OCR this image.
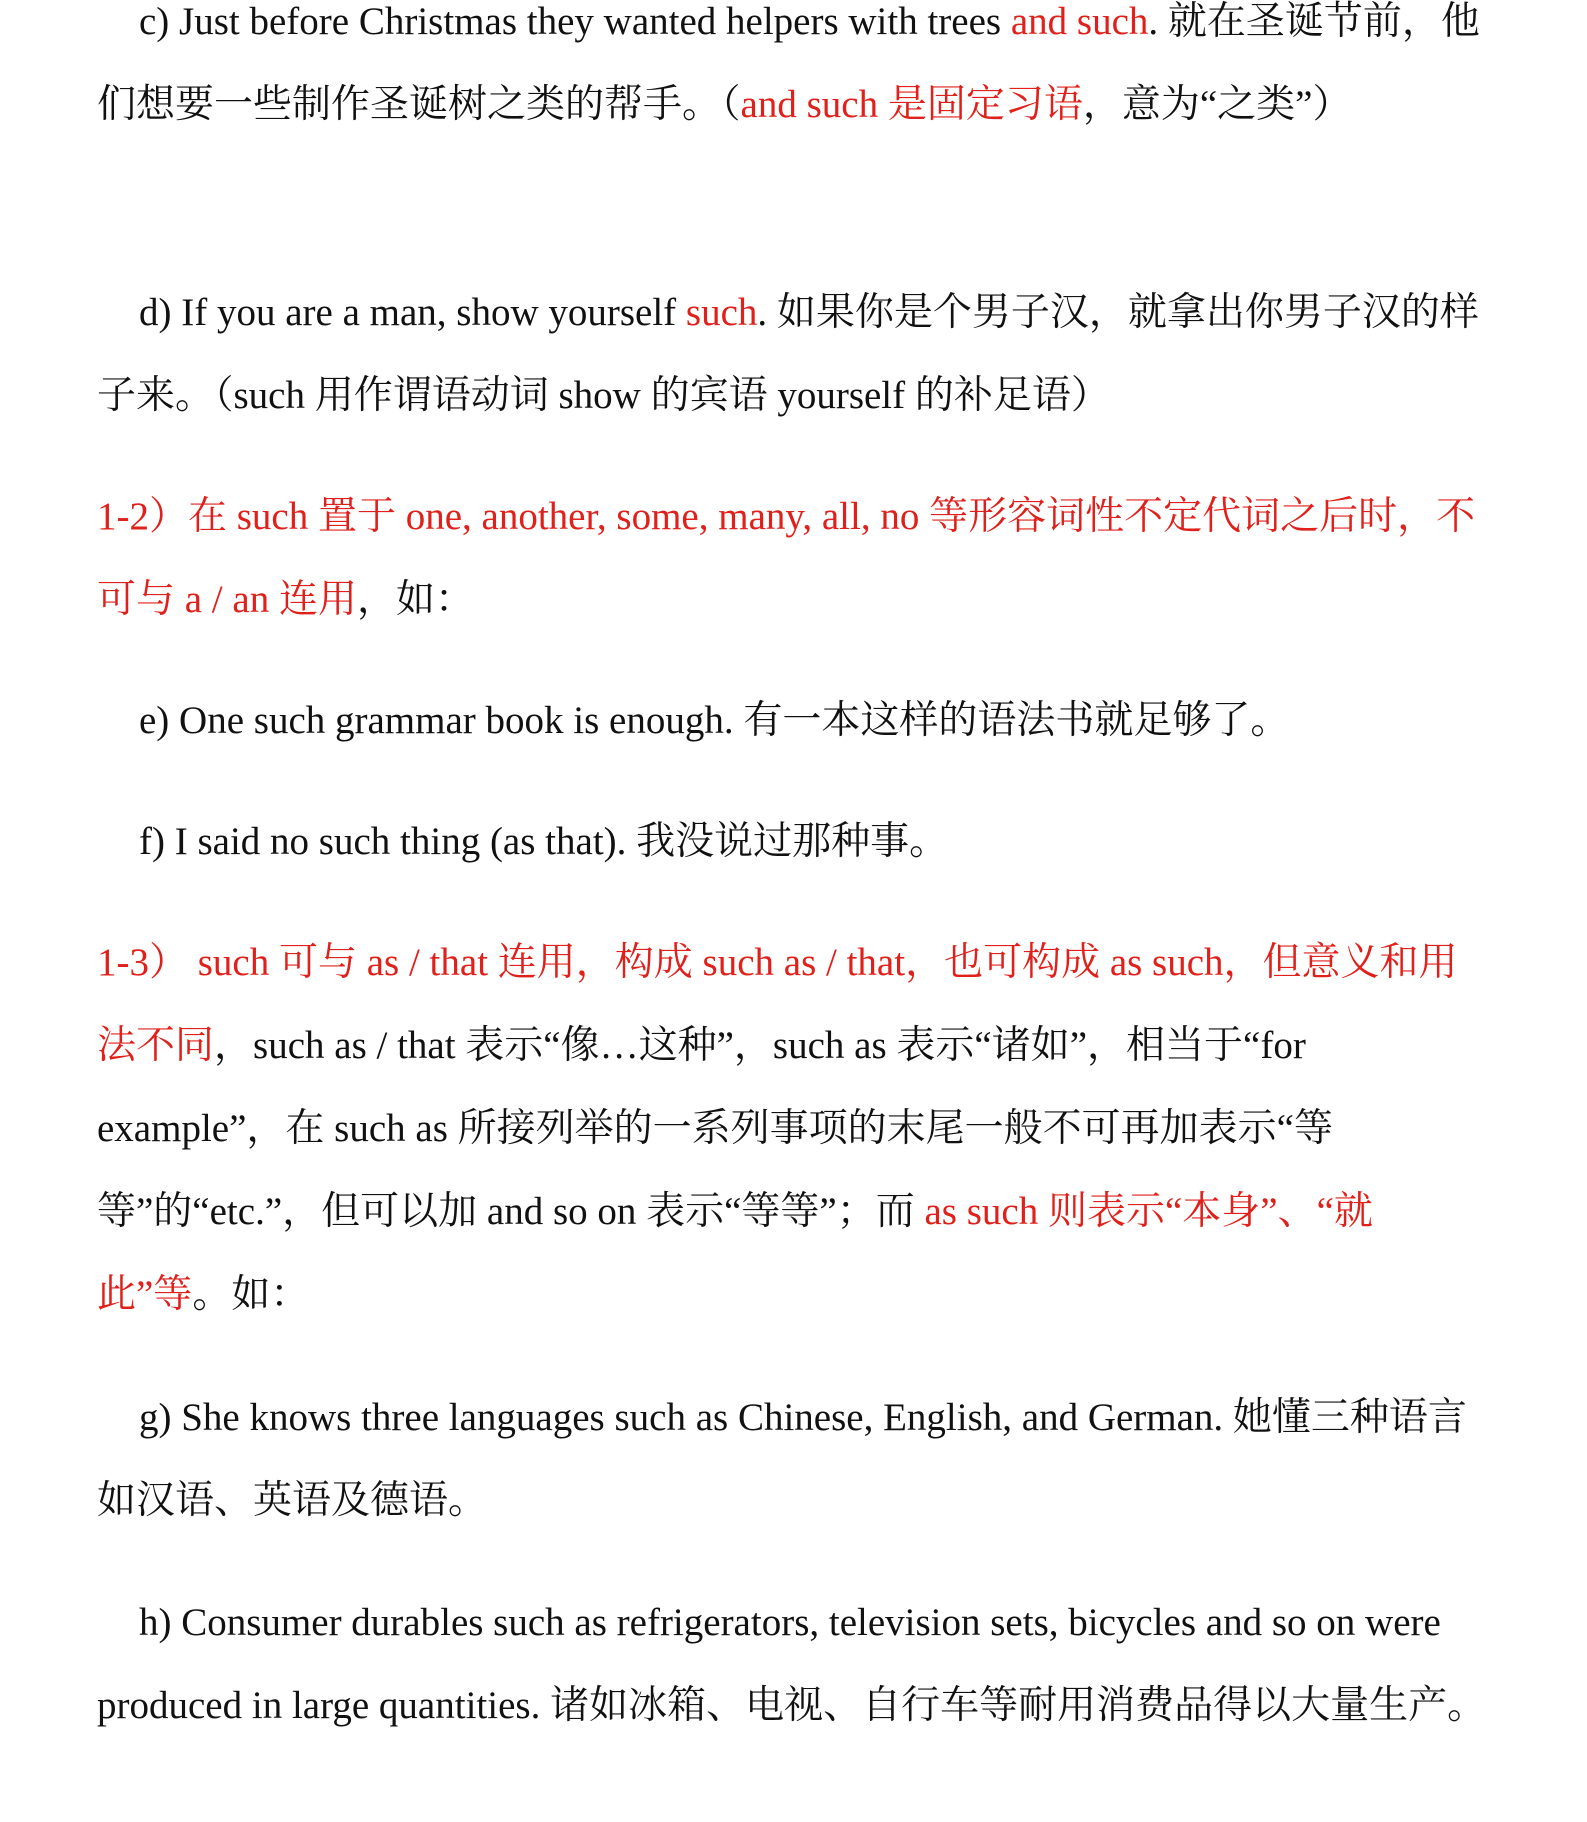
c) Just before Christmas they wanted helpers with trees and such. 就在圣诞节前，他们想要一些制作圣诞树之类的帮手。（and such 是固定习语，意为“之类”）

d) If you are a man, show yourself such. 如果你是个男子汉，就拿出你男子汉的样子来。（such 用作谓语动词 show 的宾语 yourself 的补足语）

1-2）在 such 置于 one, another, some, many, all, no 等形容词性不定代词之后时，不可与 a / an 连用，如：

e) One such grammar book is enough. 有一本这样的语法书就足够了。

f) I said no such thing (as that). 我没说过那种事。

1-3） such 可与 as / that 连用，构成 such as / that，也可构成 as such，但意义和用法不同，such as / that 表示“像…这种”，such as 表示“诸如”，相当于“for example”，在 such as 所接列举的一系列事项的末尾一般不可再加表示“等等”的“etc.”，但可以加 and so on 表示“等等”；而 as such 则表示“本身”、“就此”等。如：

g) She knows three languages such as Chinese, English, and German. 她懂三种语言如汉语、英语及德语。

h) Consumer durables such as refrigerators, television sets, bicycles and so on were produced in large quantities. 诸如冰箱、电视、自行车等耐用消费品得以大量生产。
